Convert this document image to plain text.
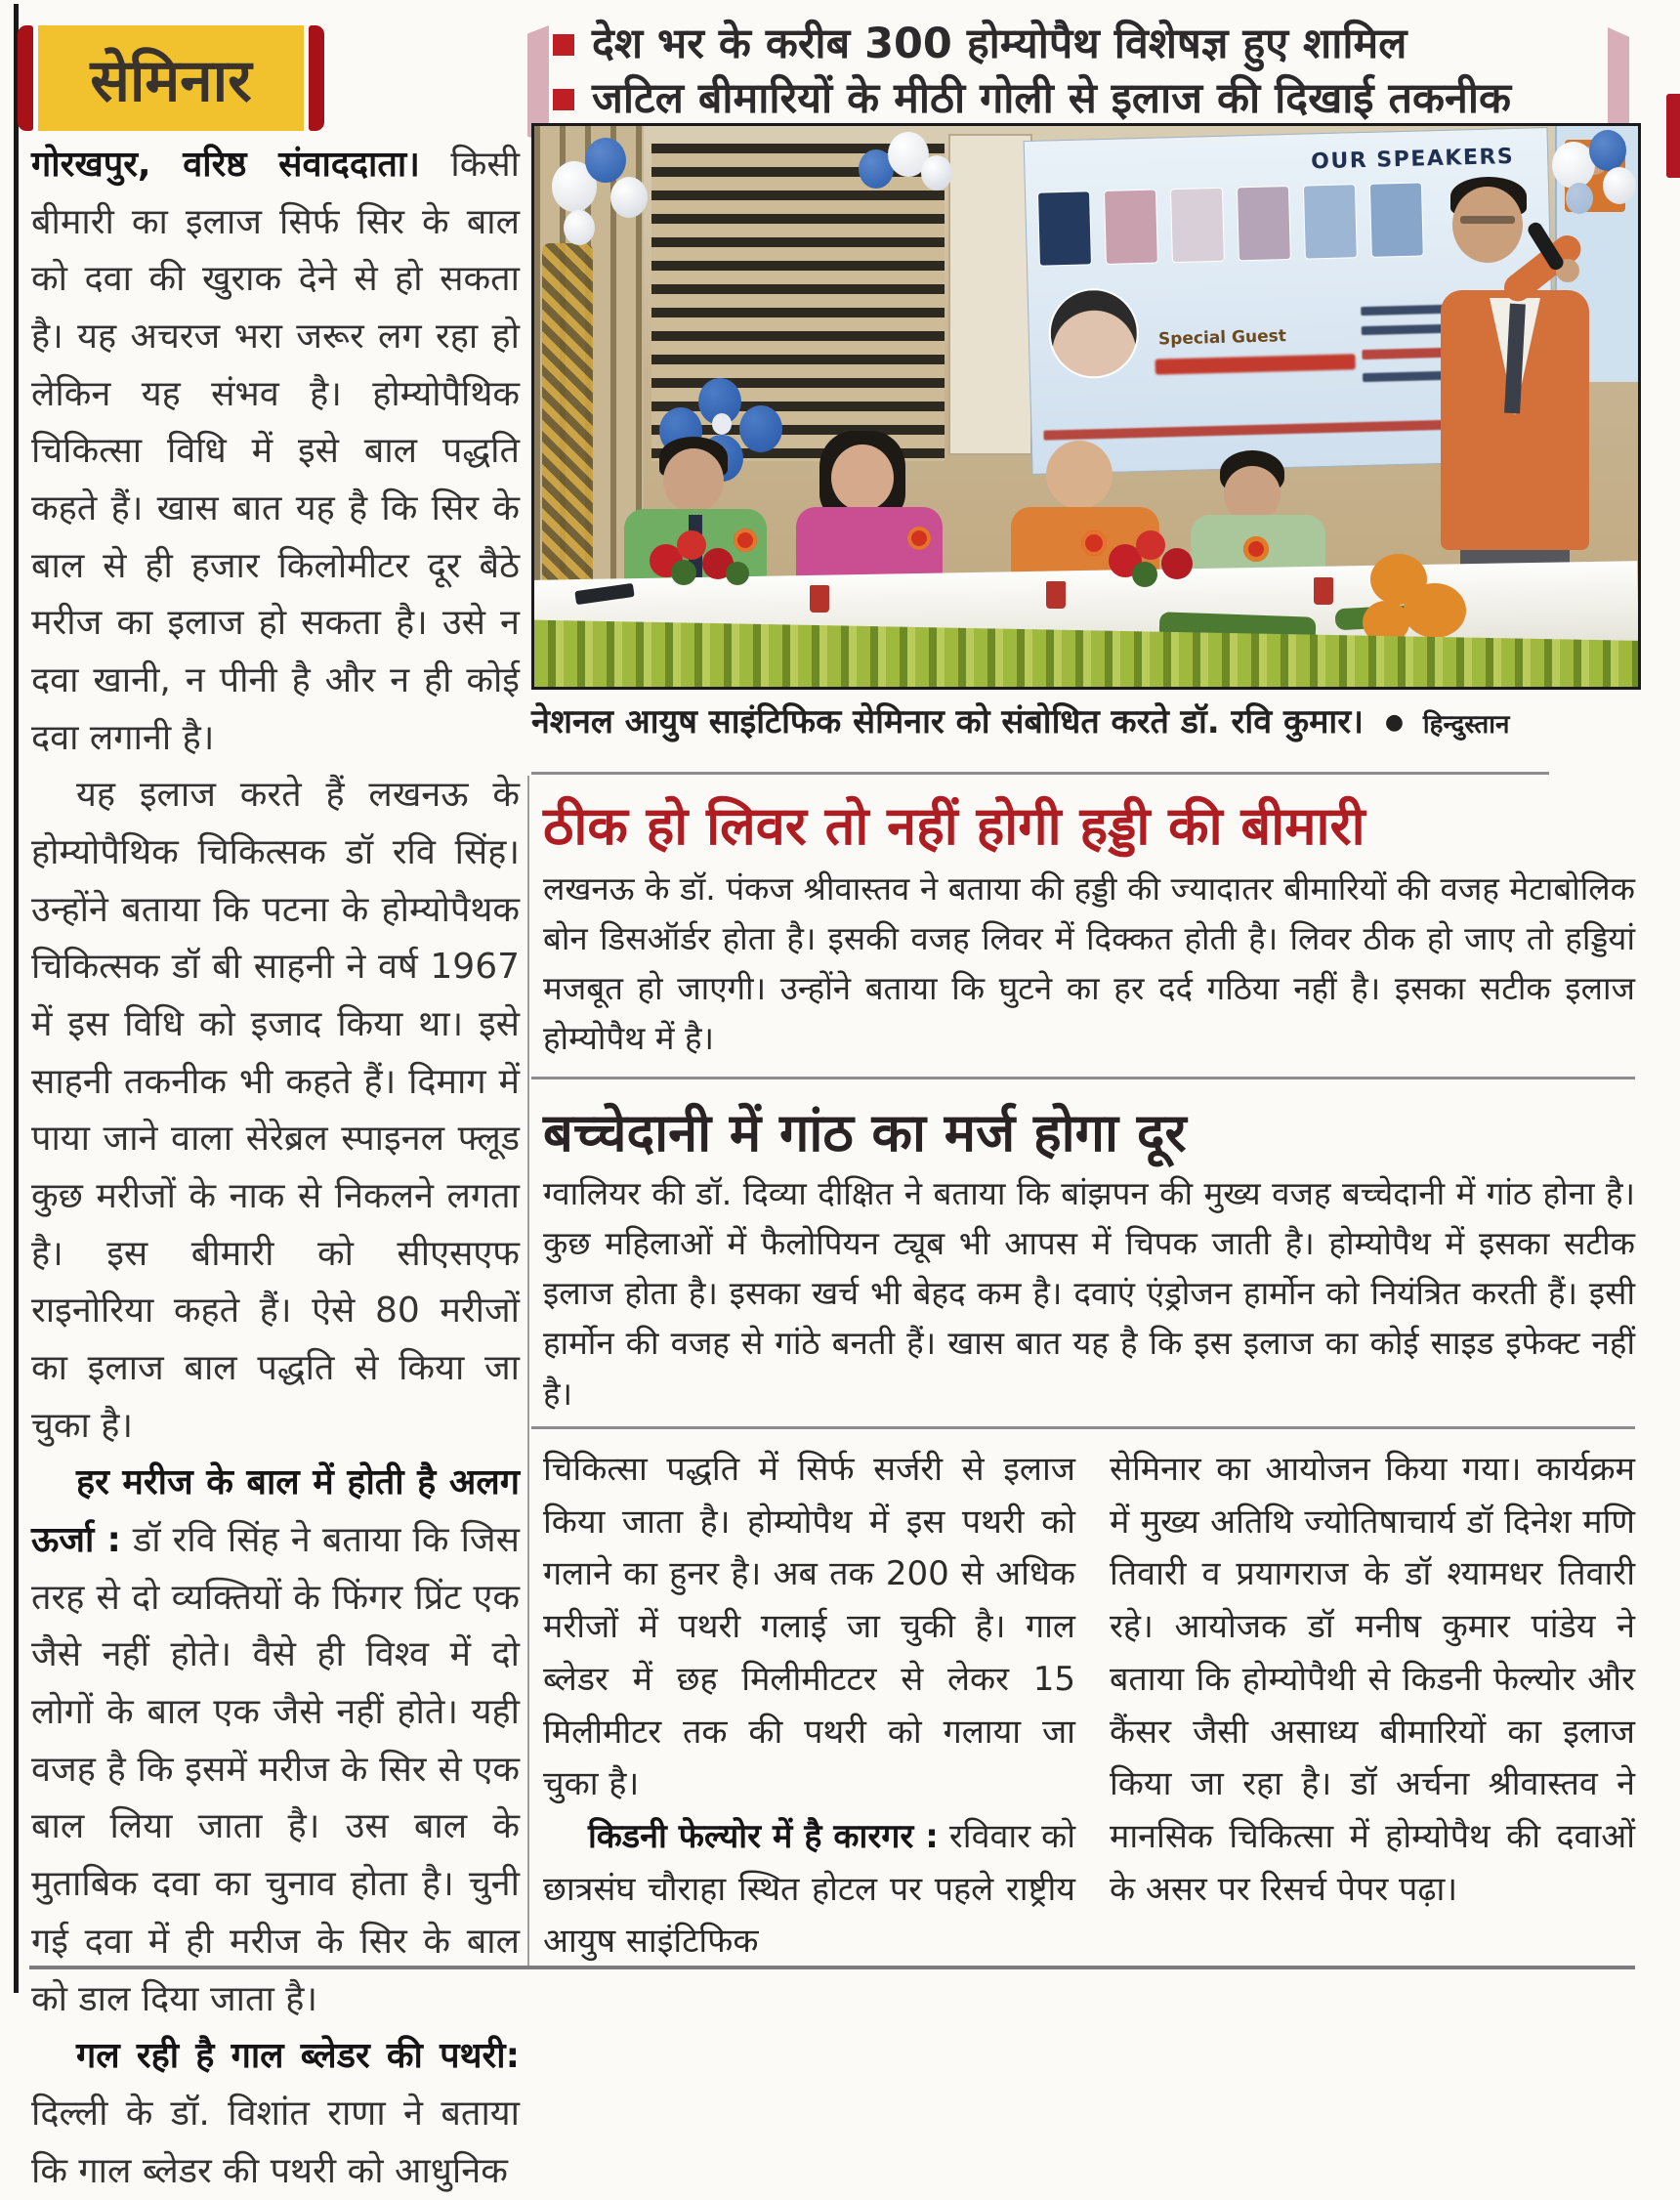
सेमिनार
देश भर के करीब 300 होम्योपैथ विशेषज्ञ हुए शामिल
जटिल बीमारियों के मीठी गोली से इलाज की दिखाई तकनीक
OUR SPEAKERS
Special Guest
नेशनल आयुष साइंटिफिक सेमिनार को संबोधित करते डॉ. रवि कुमार। ● हिन्दुस्तान
ठीक हो लिवर तो नहीं होगी हड्डी की बीमारी
लखनऊ के डॉ. पंकज श्रीवास्तव ने बताया की हड्डी की ज्यादातर बीमारियों की वजह मेटाबोलिक बोन डिसऑर्डर होता है। इसकी वजह लिवर में दिक्कत होती है। लिवर ठीक हो जाए तो हड्डियां मजबूत हो जाएगी। उन्होंने बताया कि घुटने का हर दर्द गठिया नहीं है। इसका सटीक इलाज होम्योपैथ में है।
बच्चेदानी में गांठ का मर्ज होगा दूर
ग्वालियर की डॉ. दिव्या दीक्षित ने बताया कि बांझपन की मुख्य वजह बच्चेदानी में गांठ होना है। कुछ महिलाओं में फैलोपियन ट्यूब भी आपस में चिपक जाती है। होम्योपैथ में इसका सटीक इलाज होता है। इसका खर्च भी बेहद कम है। दवाएं एंड्रोजन हार्मोन को नियंत्रित करती हैं। इसी हार्मोन की वजह से गांठे बनती हैं। खास बात यह है कि इस इलाज का कोई साइड इफेक्ट नहीं है।

चिकित्सा पद्धति में सिर्फ सर्जरी से इलाज किया जाता है। होम्योपैथ में इस पथरी को गलाने का हुनर है। अब तक 200 से अधिक मरीजों में पथरी गलाई जा चुकी है। गाल ब्लेडर में छह मिलीमीटटर से लेकर 15 मिलीमीटर तक की पथरी को गलाया जा चुका है।

किडनी फेल्योर में है कारगर : रविवार को छात्रसंघ चौराहा स्थित होटल पर पहले राष्ट्रीय आयुष साइंटिफिक

सेमिनार का आयोजन किया गया। कार्यक्रम में मुख्य अतिथि ज्योतिषाचार्य डॉ दिनेश मणि तिवारी व प्रयागराज के डॉ श्यामधर तिवारी रहे। आयोजक डॉ मनीष कुमार पांडेय ने बताया कि होम्योपैथी से किडनी फेल्योर और कैंसर जैसी असाध्य बीमारियों का इलाज किया जा रहा है। डॉ अर्चना श्रीवास्तव ने मानसिक चिकित्सा में होम्योपैथ की दवाओं के असर पर रिसर्च पेपर पढ़ा।

गोरखपुर, वरिष्ठ संवाददाता। किसी बीमारी का इलाज सिर्फ सिर के बाल को दवा की खुराक देने से हो सकता है। यह अचरज भरा जरूर लग रहा हो लेकिन यह संभव है। होम्योपैथिक चिकित्सा विधि में इसे बाल पद्धति कहते हैं। खास बात यह है कि सिर के बाल से ही हजार किलोमीटर दूर बैठे मरीज का इलाज हो सकता है। उसे न दवा खानी, न पीनी है और न ही कोई दवा लगानी है।

यह इलाज करते हैं लखनऊ के होम्योपैथिक चिकित्सक डॉ रवि सिंह। उन्होंने बताया कि पटना के होम्योपैथक चिकित्सक डॉ बी साहनी ने वर्ष 1967 में इस विधि को इजाद किया था। इसे साहनी तकनीक भी कहते हैं। दिमाग में पाया जाने वाला सेरेब्रल स्पाइनल फ्लूड कुछ मरीजों के नाक से निकलने लगता है। इस बीमारी को सीएसएफ राइनोरिया कहते हैं। ऐसे 80 मरीजों का इलाज बाल पद्धति से किया जा चुका है।

हर मरीज के बाल में होती है अलग ऊर्जा : डॉ रवि सिंह ने बताया कि जिस तरह से दो व्यक्तियों के फिंगर प्रिंट एक जैसे नहीं होते। वैसे ही विश्व में दो लोगों के बाल एक जैसे नहीं होते। यही वजह है कि इसमें मरीज के सिर से एक बाल लिया जाता है। उस बाल के मुताबिक दवा का चुनाव होता है। चुनी गई दवा में ही मरीज के सिर के बाल को डाल दिया जाता है।

गल रही है गाल ब्लेडर की पथरी: दिल्ली के डॉ. विशांत राणा ने बताया कि गाल ब्लेडर की पथरी को आधुनिक
